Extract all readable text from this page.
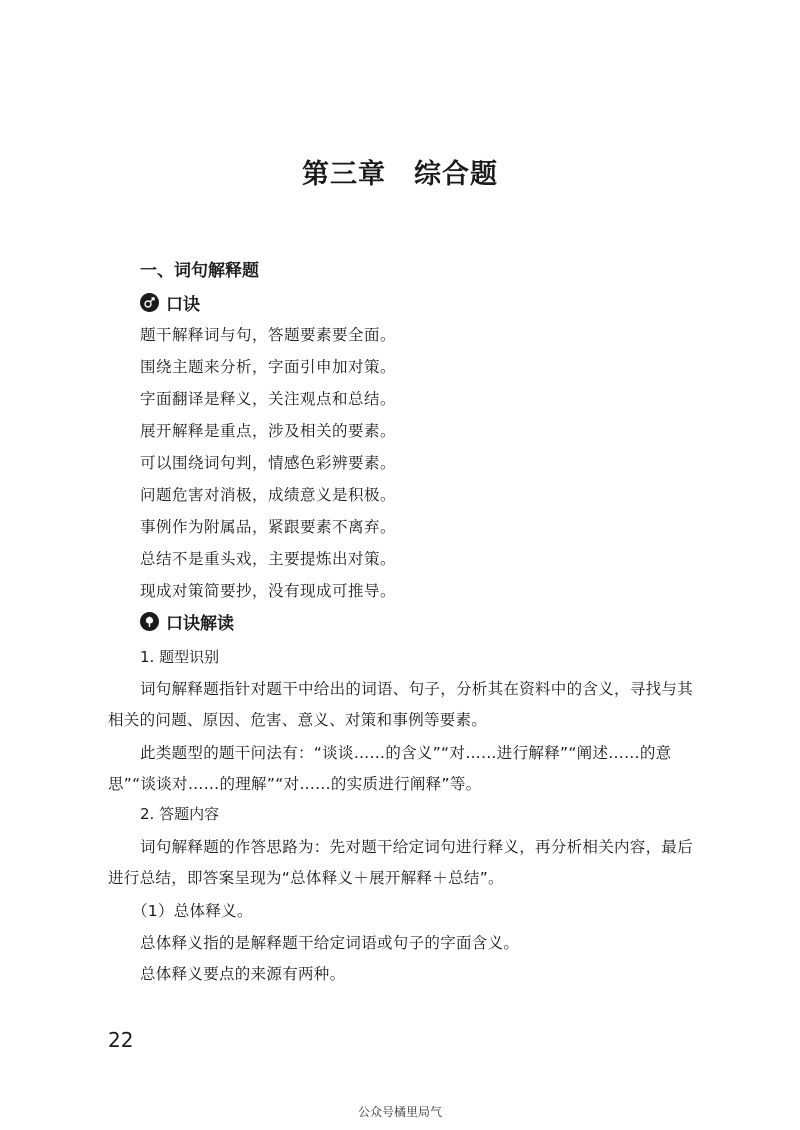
第三章　综合题
一、词句解释题
口诀
题干解释词与句，答题要素要全面。
围绕主题来分析，字面引申加对策。
字面翻译是释义，关注观点和总结。
展开解释是重点，涉及相关的要素。
可以围绕词句判，情感色彩辨要素。
问题危害对消极，成绩意义是积极。
事例作为附属品，紧跟要素不离弃。
总结不是重头戏，主要提炼出对策。
现成对策简要抄，没有现成可推导。
口诀解读
1. 题型识别
词句解释题指针对题干中给出的词语、句子，分析其在资料中的含义，寻找与其
相关的问题、原因、危害、意义、对策和事例等要素。
此类题型的题干问法有：“谈谈……的含义”“对……进行解释”“阐述……的意
思”“谈谈对……的理解”“对……的实质进行阐释”等。
2. 答题内容
词句解释题的作答思路为：先对题干给定词句进行释义，再分析相关内容，最后
进行总结，即答案呈现为“总体释义＋展开解释＋总结”。
（1）总体释义。
总体释义指的是解释题干给定词语或句子的字面含义。
总体释义要点的来源有两种。
22
公众号橘里局气
